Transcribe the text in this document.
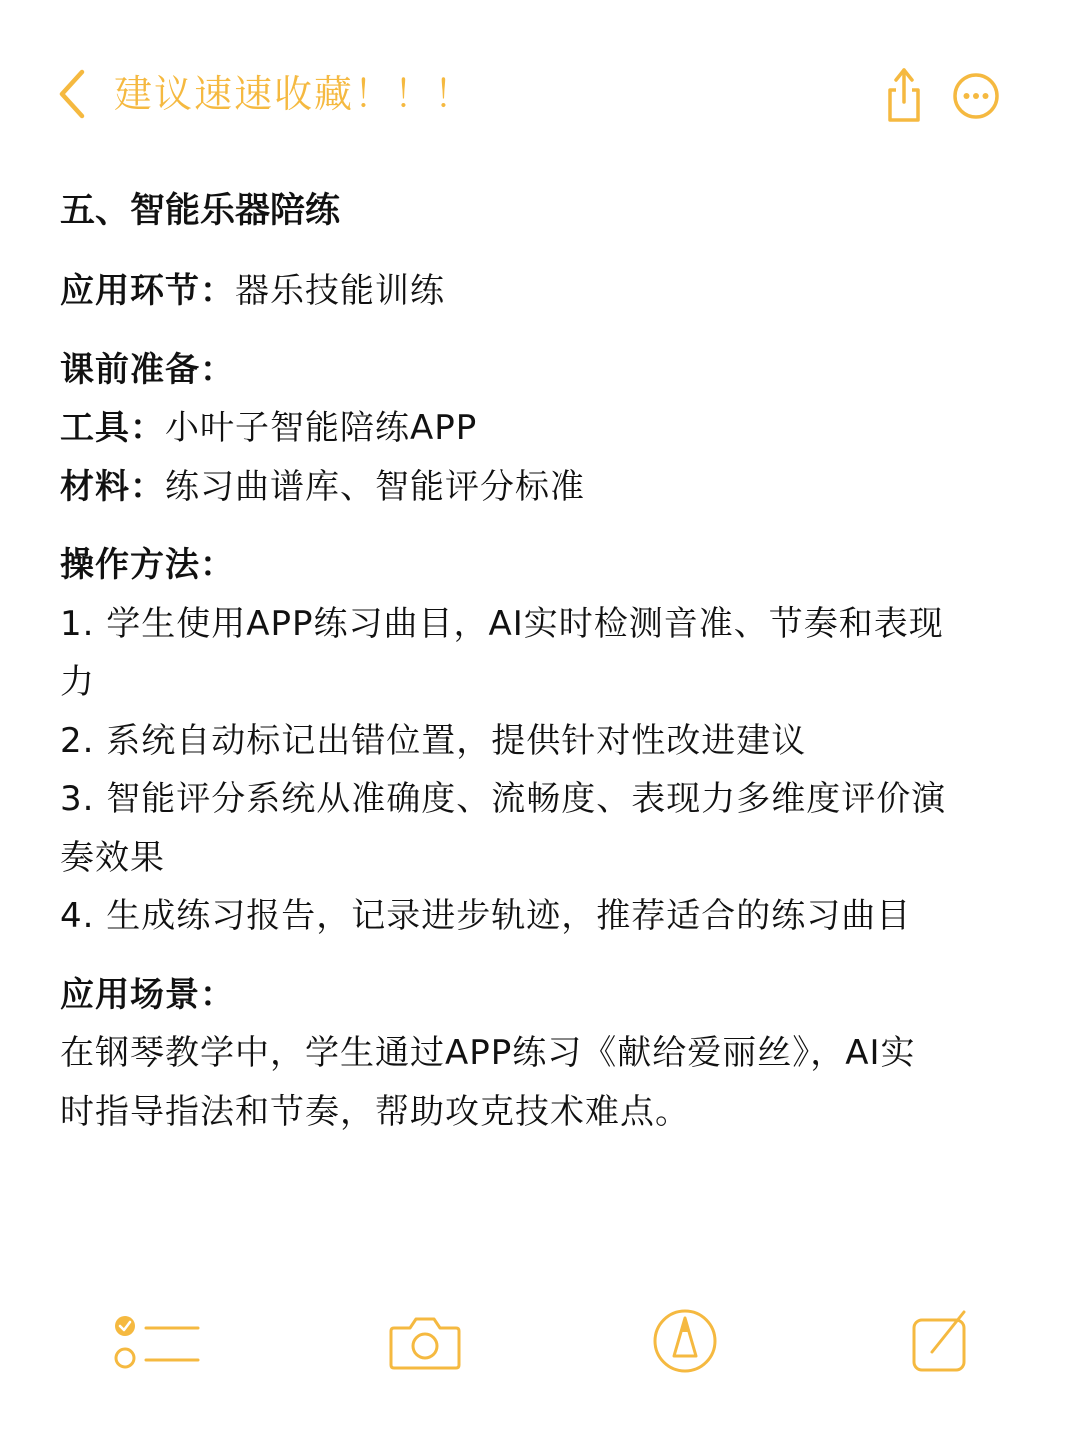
建议速速收藏！！！

五、智能乐器陪练

应用环节：器乐技能训练

课前准备：

工具：小叶子智能陪练APP

材料：练习曲谱库、智能评分标准

操作方法：

1. 学生使用APP练习曲目，AI实时检测音准、节奏和表现

力

2. 系统自动标记出错位置，提供针对性改进建议

3. 智能评分系统从准确度、流畅度、表现力多维度评价演

奏效果

4. 生成练习报告，记录进步轨迹，推荐适合的练习曲目

应用场景：

在钢琴教学中，学生通过APP练习《献给爱丽丝》，AI实

时指导指法和节奏，帮助攻克技术难点。
